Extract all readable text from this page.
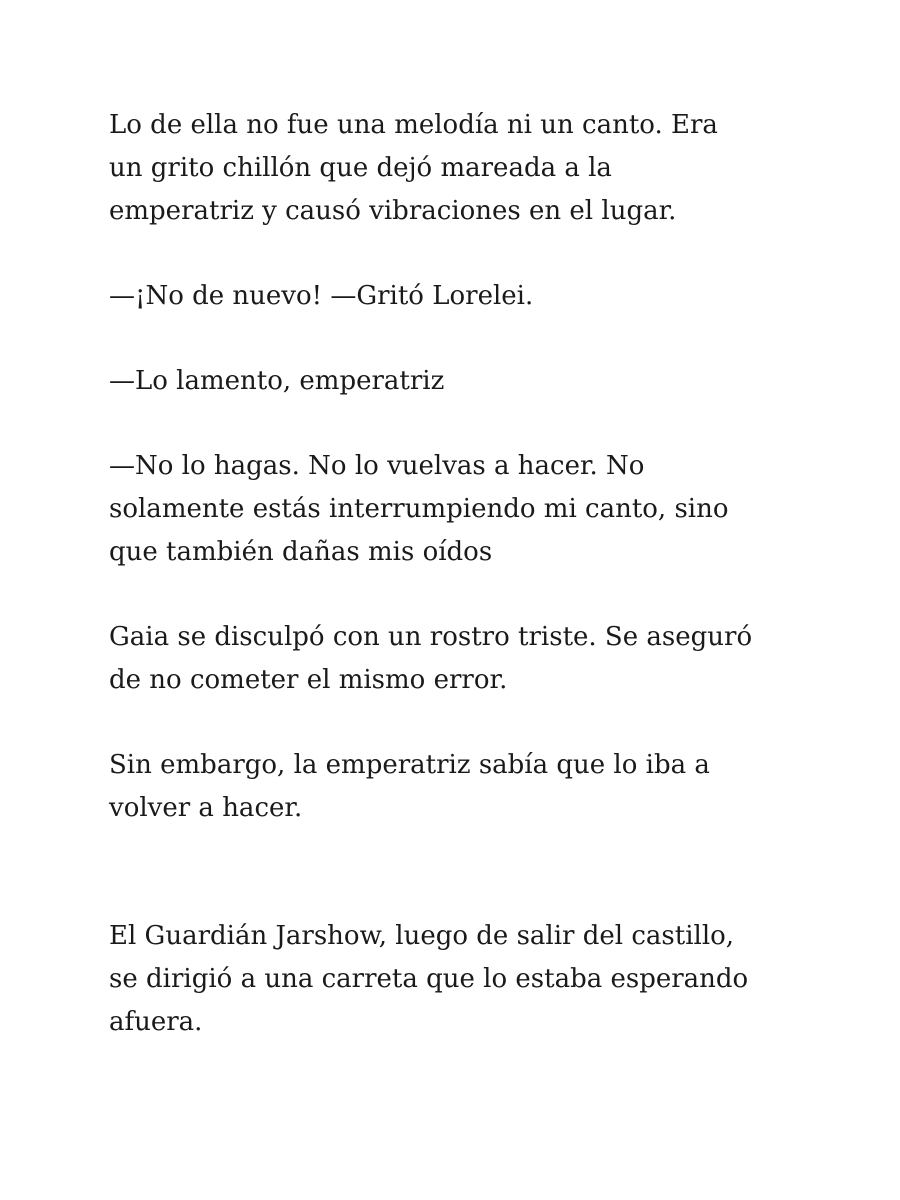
Lo de ella no fue una melodía ni un canto. Era
un grito chillón que dejó mareada a la
emperatriz y causó vibraciones en el lugar.

—¡No de nuevo! —Gritó Lorelei.

—Lo lamento, emperatriz

—No lo hagas. No lo vuelvas a hacer. No
solamente estás interrumpiendo mi canto, sino
que también dañas mis oídos

Gaia se disculpó con un rostro triste. Se aseguró
de no cometer el mismo error.

Sin embargo, la emperatriz sabía que lo iba a
volver a hacer.

El Guardián Jarshow, luego de salir del castillo,
se dirigió a una carreta que lo estaba esperando
afuera.
